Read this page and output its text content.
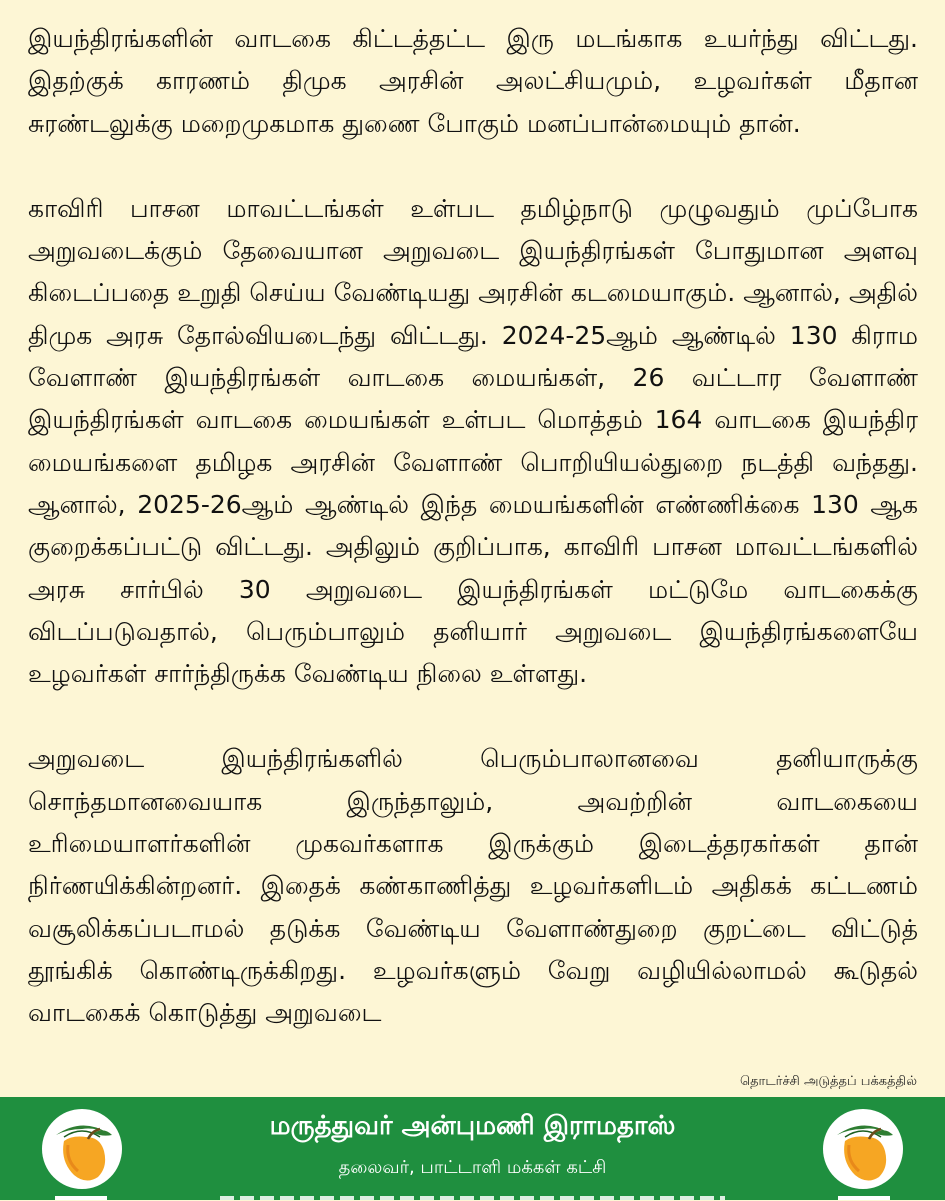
இயந்திரங்களின் வாடகை கிட்டத்தட்ட இரு மடங்காக உயர்ந்து விட்டது. இதற்குக் காரணம் திமுக அரசின் அலட்சியமும், உழவர்கள் மீதான சுரண்டலுக்கு மறைமுகமாக துணை போகும் மனப்பான்மையும் தான்.

காவிரி பாசன மாவட்டங்கள் உள்பட தமிழ்நாடு முழுவதும் முப்போக அறுவடைக்கும் தேவையான அறுவடை இயந்திரங்கள் போதுமான அளவு கிடைப்பதை உறுதி செய்ய வேண்டியது அரசின் கடமையாகும். ஆனால், அதில் திமுக அரசு தோல்வியடைந்து விட்டது. 2024-25ஆம் ஆண்டில் 130 கிராம வேளாண் இயந்திரங்கள் வாடகை மையங்கள், 26 வட்டார வேளாண் இயந்திரங்கள் வாடகை மையங்கள் உள்பட மொத்தம் 164 வாடகை இயந்திர மையங்களை தமிழக அரசின் வேளாண் பொறியியல்துறை நடத்தி வந்தது. ஆனால், 2025-26ஆம் ஆண்டில் இந்த மையங்களின் எண்ணிக்கை 130 ஆக குறைக்கப்பட்டு விட்டது. அதிலும் குறிப்பாக, காவிரி பாசன மாவட்டங்களில் அரசு சார்பில் 30 அறுவடை இயந்திரங்கள் மட்டுமே வாடகைக்கு விடப்படுவதால், பெரும்பாலும் தனியார் அறுவடை இயந்திரங்களையே உழவர்கள் சார்ந்திருக்க வேண்டிய நிலை உள்ளது.

அறுவடை இயந்திரங்களில் பெரும்பாலானவை தனியாருக்கு சொந்தமானவையாக இருந்தாலும், அவற்றின் வாடகையை உரிமையாளர்களின் முகவர்களாக இருக்கும் இடைத்தரகர்கள் தான் நிர்ணயிக்கின்றனர். இதைக் கண்காணித்து உழவர்களிடம் அதிகக் கட்டணம் வசூலிக்கப்படாமல் தடுக்க வேண்டிய வேளாண்துறை குறட்டை விட்டுத் தூங்கிக் கொண்டிருக்கிறது. உழவர்களும் வேறு வழியில்லாமல் கூடுதல் வாடகைக் கொடுத்து அறுவடை

தொடர்ச்சி அடுத்தப் பக்கத்தில்
மருத்துவர் அன்புமணி இராமதாஸ்
தலைவர், பாட்டாளி மக்கள் கட்சி
